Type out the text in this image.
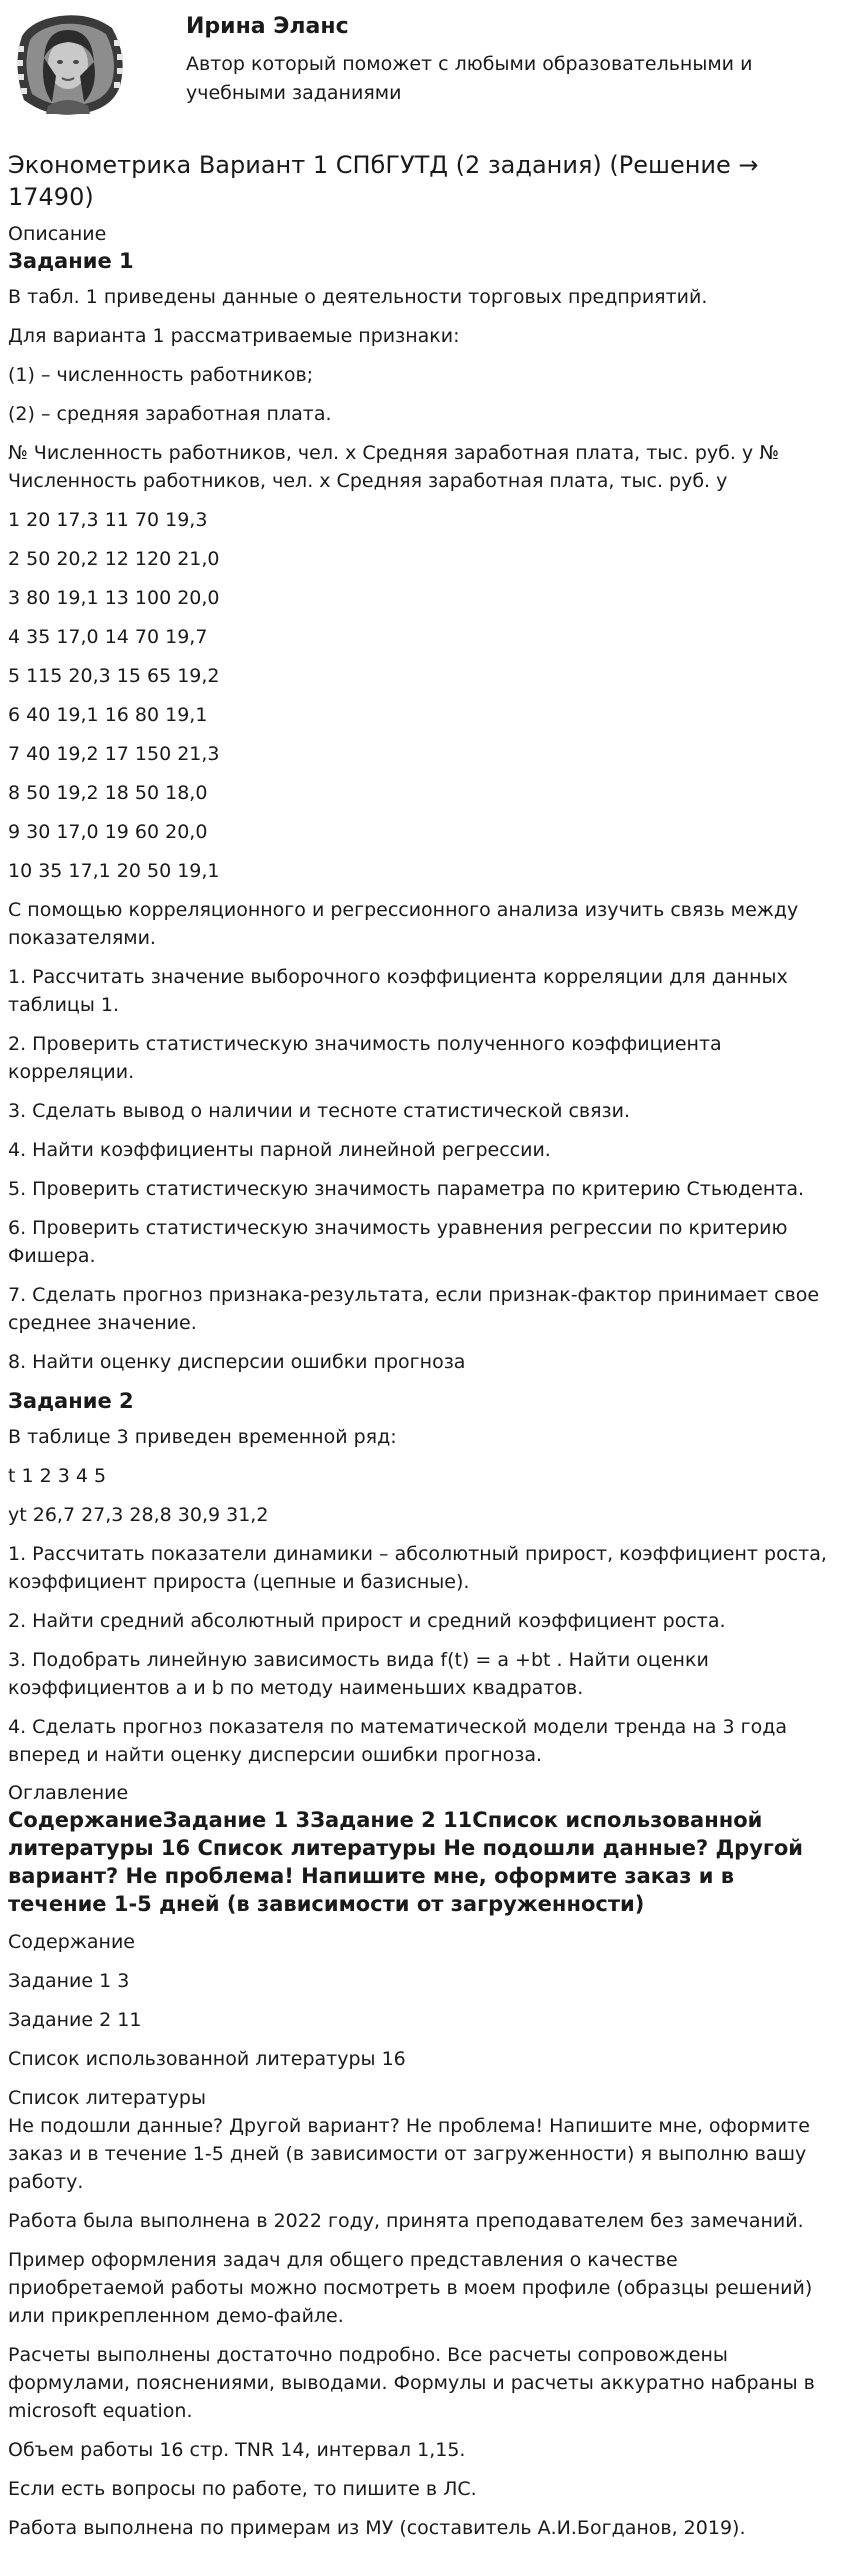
Ирина Эланс
Автор который поможет с любыми образовательными и учебными заданиями
Эконометрика Вариант 1 СПбГУТД (2 задания) (Решение → 17490)
Описание
Задание 1

В табл. 1 приведены данные о деятельности торговых предприятий.

Для варианта 1 рассматриваемые признаки:

(1) – численность работников;

(2) – средняя заработная плата.

№ Численность работников, чел. x Средняя заработная плата, тыс. руб. y № Численность работников, чел. x Средняя заработная плата, тыс. руб. y

1 20 17,3 11 70 19,3

2 50 20,2 12 120 21,0

3 80 19,1 13 100 20,0

4 35 17,0 14 70 19,7

5 115 20,3 15 65 19,2

6 40 19,1 16 80 19,1

7 40 19,2 17 150 21,3

8 50 19,2 18 50 18,0

9 30 17,0 19 60 20,0

10 35 17,1 20 50 19,1

С помощью корреляционного и регрессионного анализа изучить связь между показателями.

1. Рассчитать значение выборочного коэффициента корреляции для данных таблицы 1.

2. Проверить статистическую значимость полученного коэффициента корреляции.

3. Сделать вывод о наличии и тесноте статистической связи.

4. Найти коэффициенты парной линейной регрессии.

5. Проверить статистическую значимость параметра по критерию Стьюдента.

6. Проверить статистическую значимость уравнения регрессии по критерию Фишера.

7. Сделать прогноз признака-результата, если признак-фактор принимает свое среднее значение.

8. Найти оценку дисперсии ошибки прогноза

Задание 2

В таблице 3 приведен временной ряд:

t 1 2 3 4 5

yt 26,7 27,3 28,8 30,9 31,2

1. Рассчитать показатели динамики – абсолютный прирост, коэффициент роста, коэффициент прироста (цепные и базисные).

2. Найти средний абсолютный прирост и средний коэффициент роста.

3. Подобрать линейную зависимость вида f(t) = a +bt . Найти оценки коэффициентов a и b по методу наименьших квадратов.

4. Сделать прогноз показателя по математической модели тренда на 3 года вперед и найти оценку дисперсии ошибки прогноза.

Оглавление
СодержаниеЗадание 1 3Задание 2 11Список использованной литературы 16 Список литературы Не подошли данные? Другой вариант? Не проблема! Напишите мне, оформите заказ и в течение 1-5 дней (в зависимости от загруженности)

Содержание

Задание 1 3

Задание 2 11

Список использованной литературы 16

Список литературы

Не подошли данные? Другой вариант? Не проблема! Напишите мне, оформите заказ и в течение 1-5 дней (в зависимости от загруженности) я выполню вашу работу.

Работа была выполнена в 2022 году, принята преподавателем без замечаний.

Пример оформления задач для общего представления о качестве приобретаемой работы можно посмотреть в моем профиле (образцы решений) или прикрепленном демо-файле.

Расчеты выполнены достаточно подробно. Все расчеты сопровождены формулами, пояснениями, выводами. Формулы и расчеты аккуратно набраны в microsoft equation.

Объем работы 16 стр. TNR 14, интервал 1,15.

Если есть вопросы по работе, то пишите в ЛС.

Работа выполнена по примерам из МУ (составитель А.И.Богданов, 2019).
